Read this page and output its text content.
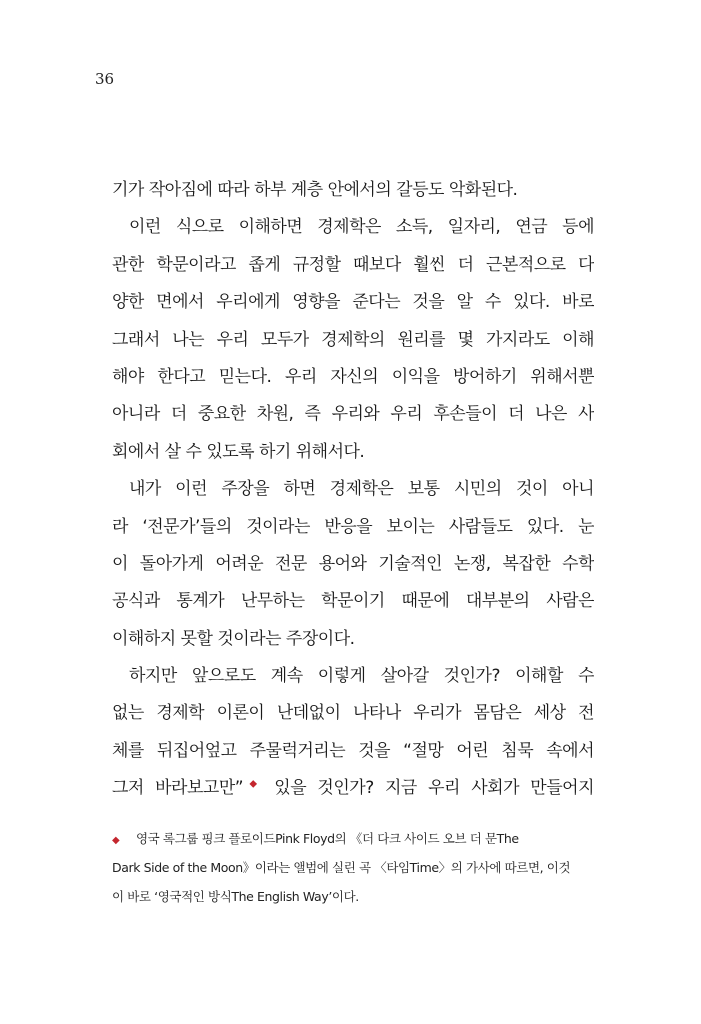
36
기가 작아짐에 따라 하부 계층 안에서의 갈등도 악화된다.
이런 식으로 이해하면 경제학은 소득, 일자리, 연금 등에
관한 학문이라고 좁게 규정할 때보다 훨씬 더 근본적으로 다
양한 면에서 우리에게 영향을 준다는 것을 알 수 있다. 바로
그래서 나는 우리 모두가 경제학의 원리를 몇 가지라도 이해
해야 한다고 믿는다. 우리 자신의 이익을 방어하기 위해서뿐
아니라 더 중요한 차원, 즉 우리와 우리 후손들이 더 나은 사
회에서 살 수 있도록 하기 위해서다.
내가 이런 주장을 하면 경제학은 보통 시민의 것이 아니
라 ‘전문가’들의 것이라는 반응을 보이는 사람들도 있다. 눈
이 돌아가게 어려운 전문 용어와 기술적인 논쟁, 복잡한 수학
공식과 통계가 난무하는 학문이기 때문에 대부분의 사람은
이해하지 못할 것이라는 주장이다.
하지만 앞으로도 계속 이렇게 살아갈 것인가? 이해할 수
없는 경제학 이론이 난데없이 나타나 우리가 몸담은 세상 전
체를 뒤집어엎고 주물럭거리는 것을 “절망 어린 침묵 속에서
그저 바라보고만”◆ 있을 것인가? 지금 우리 사회가 만들어지
◆ 영국 록그룹 핑크 플로이드Pink Floyd의 《더 다크 사이드 오브 더 문The
Dark Side of the Moon》이라는 앨범에 실린 곡 〈타임Time〉의 가사에 따르면, 이것
이 바로 ‘영국적인 방식The English Way’이다.
